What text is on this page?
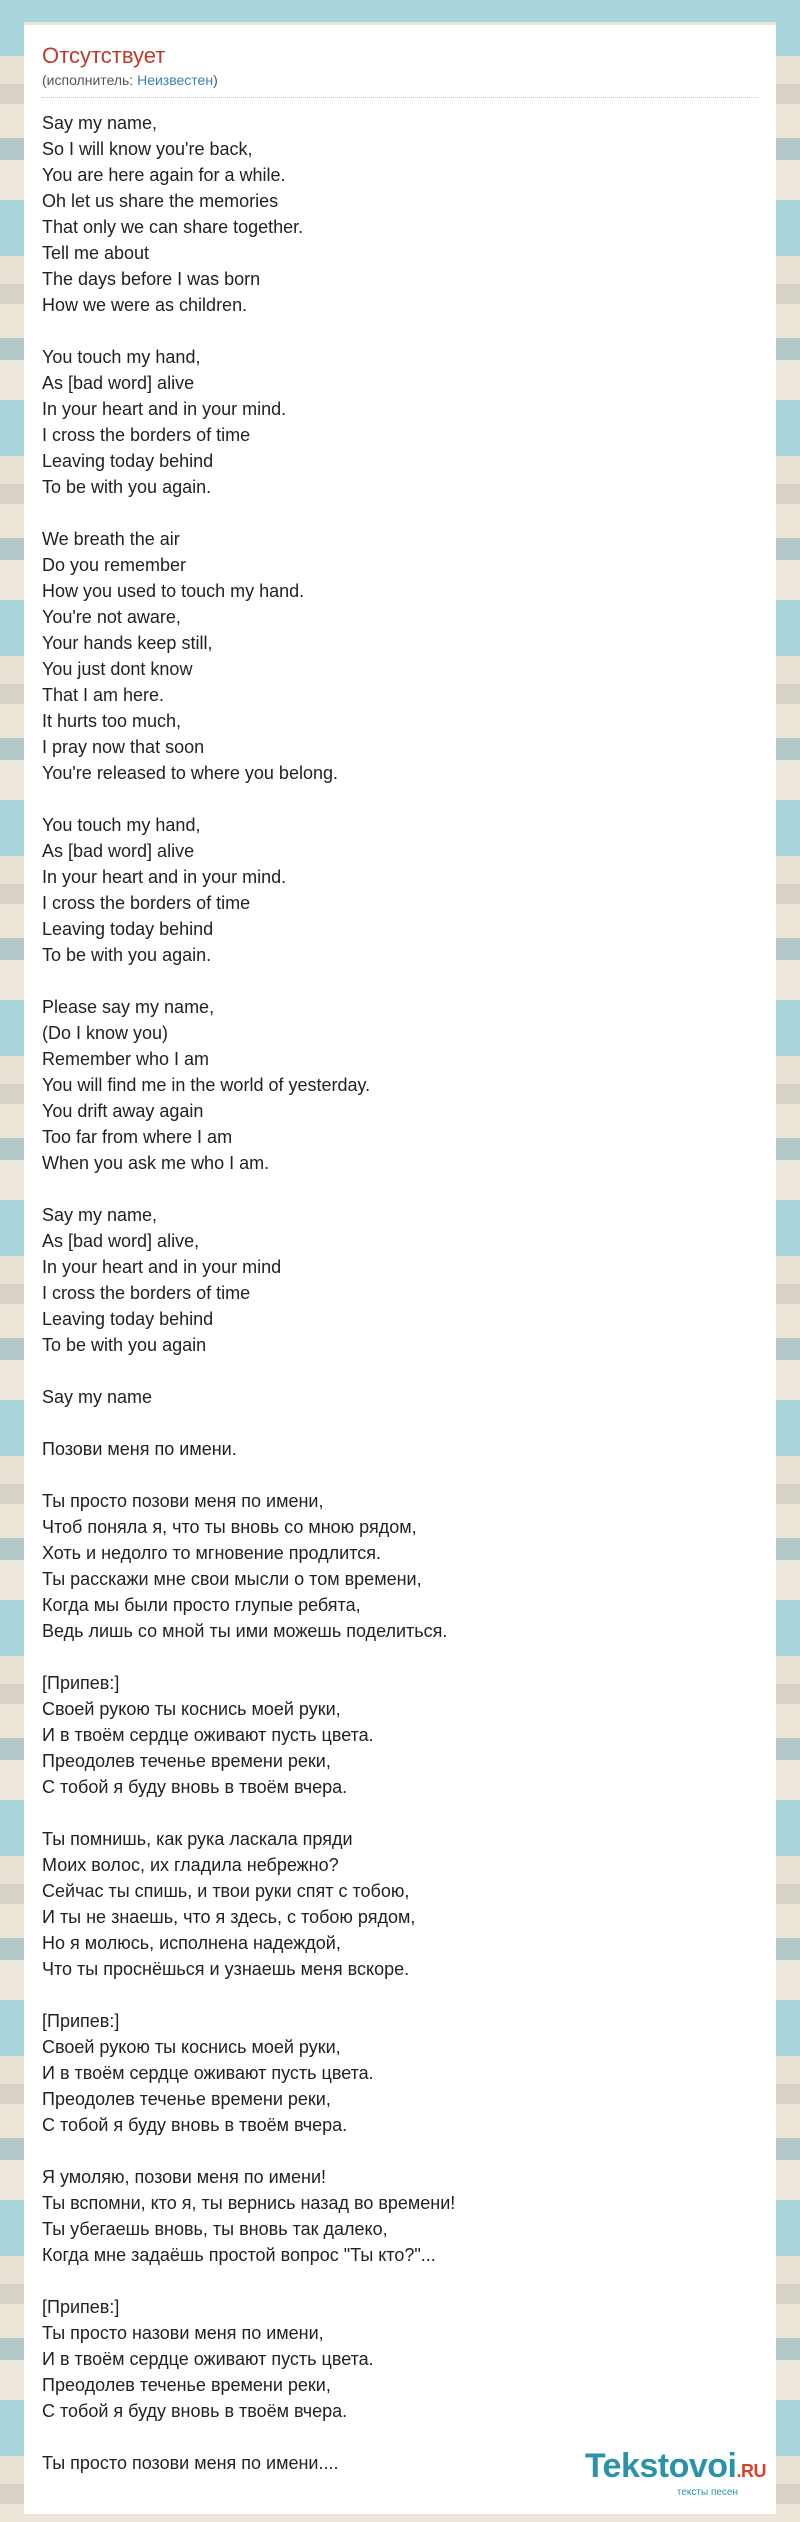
Отсутствует
(исполнитель: Неизвестен)
Say my name,
So I will know you're back,
You are here again for a while.
Oh let us share the memories
That only we can share together.
Tell me about
The days before I was born
How we were as children.
You touch my hand,
As [bad word] alive
In your heart and in your mind.
I cross the borders of time
Leaving today behind
To be with you again.
We breath the air
Do you remember
How you used to touch my hand.
You're not aware,
Your hands keep still,
You just dont know
That I am here.
It hurts too much,
I pray now that soon
You're released to where you belong.
You touch my hand,
As [bad word] alive
In your heart and in your mind.
I cross the borders of time
Leaving today behind
To be with you again.
Please say my name,
(Do I know you)
Remember who I am
You will find me in the world of yesterday.
You drift away again
Too far from where I am
When you ask me who I am.
Say my name,
As [bad word] alive,
In your heart and in your mind
I cross the borders of time
Leaving today behind
To be with you again
Say my name
Позови меня по имени.
Ты просто позови меня по имени,
Чтоб поняла я, что ты вновь со мною рядом,
Хоть и недолго то мгновение продлится.
Ты расскажи мне свои мысли о том времени,
Когда мы были просто глупые ребята,
Ведь лишь со мной ты ими можешь поделиться.
[Припев:]
Своей рукою ты коснись моей руки,
И в твоём сердце оживают пусть цвета.
Преодолев теченье времени реки,
С тобой я буду вновь в твоём вчера.
Ты помнишь, как рука ласкала пряди
Моих волос, их гладила небрежно?
Сейчас ты спишь, и твои руки спят с тобою,
И ты не знаешь, что я здесь, с тобою рядом,
Но я молюсь, исполнена надеждой,
Что ты проснёшься и узнаешь меня вскоре.
[Припев:]
Своей рукою ты коснись моей руки,
И в твоём сердце оживают пусть цвета.
Преодолев теченье времени реки,
С тобой я буду вновь в твоём вчера.
Я умоляю, позови меня по имени!
Ты вспомни, кто я, ты вернись назад во времени!
Ты убегаешь вновь, ты вновь так далеко,
Когда мне задаёшь простой вопрос "Ты кто?"...
[Припев:]
Ты просто назови меня по имени,
И в твоём сердце оживают пусть цвета.
Преодолев теченье времени реки,
С тобой я буду вновь в твоём вчера.
Ты просто позови меня по имени....	Tekstovoi.RU
тексты песен
